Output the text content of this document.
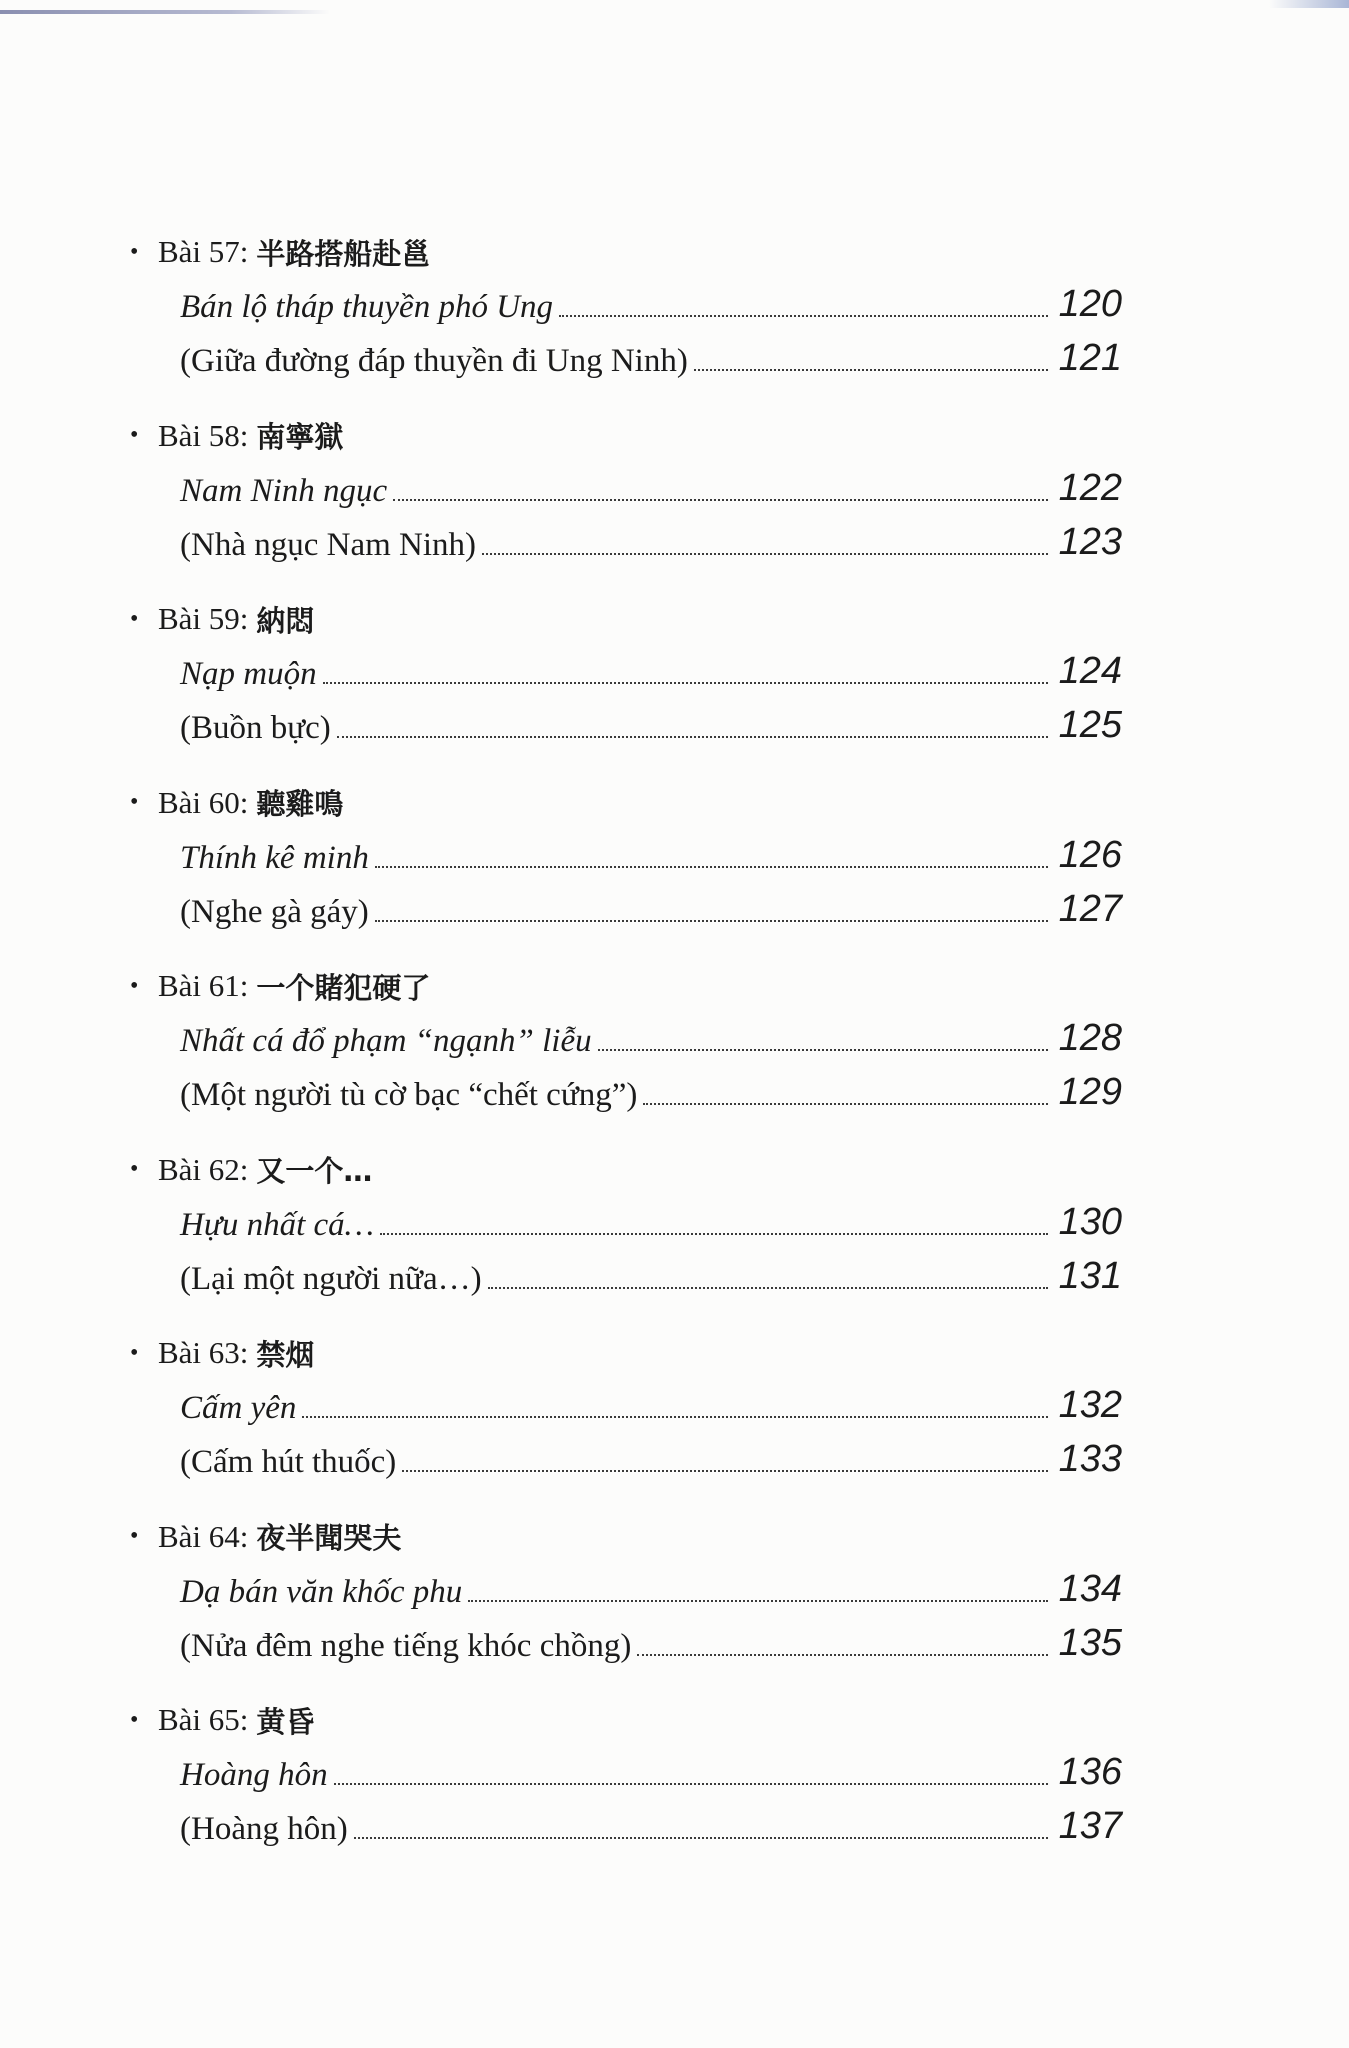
• Bài 57: 半路搭船赴邕
Bán lộ tháp thuyền phó Ung	120
(Giữa đường đáp thuyền đi Ung Ninh)	121
• Bài 58: 南寧獄
Nam Ninh ngục	122
(Nhà ngục Nam Ninh)	123
• Bài 59: 納悶
Nạp muộn	124
(Buồn bực)	125
• Bài 60: 聽雞鳴
Thính kê minh	126
(Nghe gà gáy)	127
• Bài 61: 一个賭犯硬了
Nhất cá đổ phạm “ngạnh” liễu	128
(Một người tù cờ bạc “chết cứng”)	129
• Bài 62: 又一个…
Hựu nhất cá…	130
(Lại một người nữa…)	131
• Bài 63: 禁烟
Cấm yên	132
(Cấm hút thuốc)	133
• Bài 64: 夜半聞哭夫
Dạ bán văn khốc phu	134
(Nửa đêm nghe tiếng khóc chồng)	135
• Bài 65: 黄昏
Hoàng hôn	136
(Hoàng hôn)	137
